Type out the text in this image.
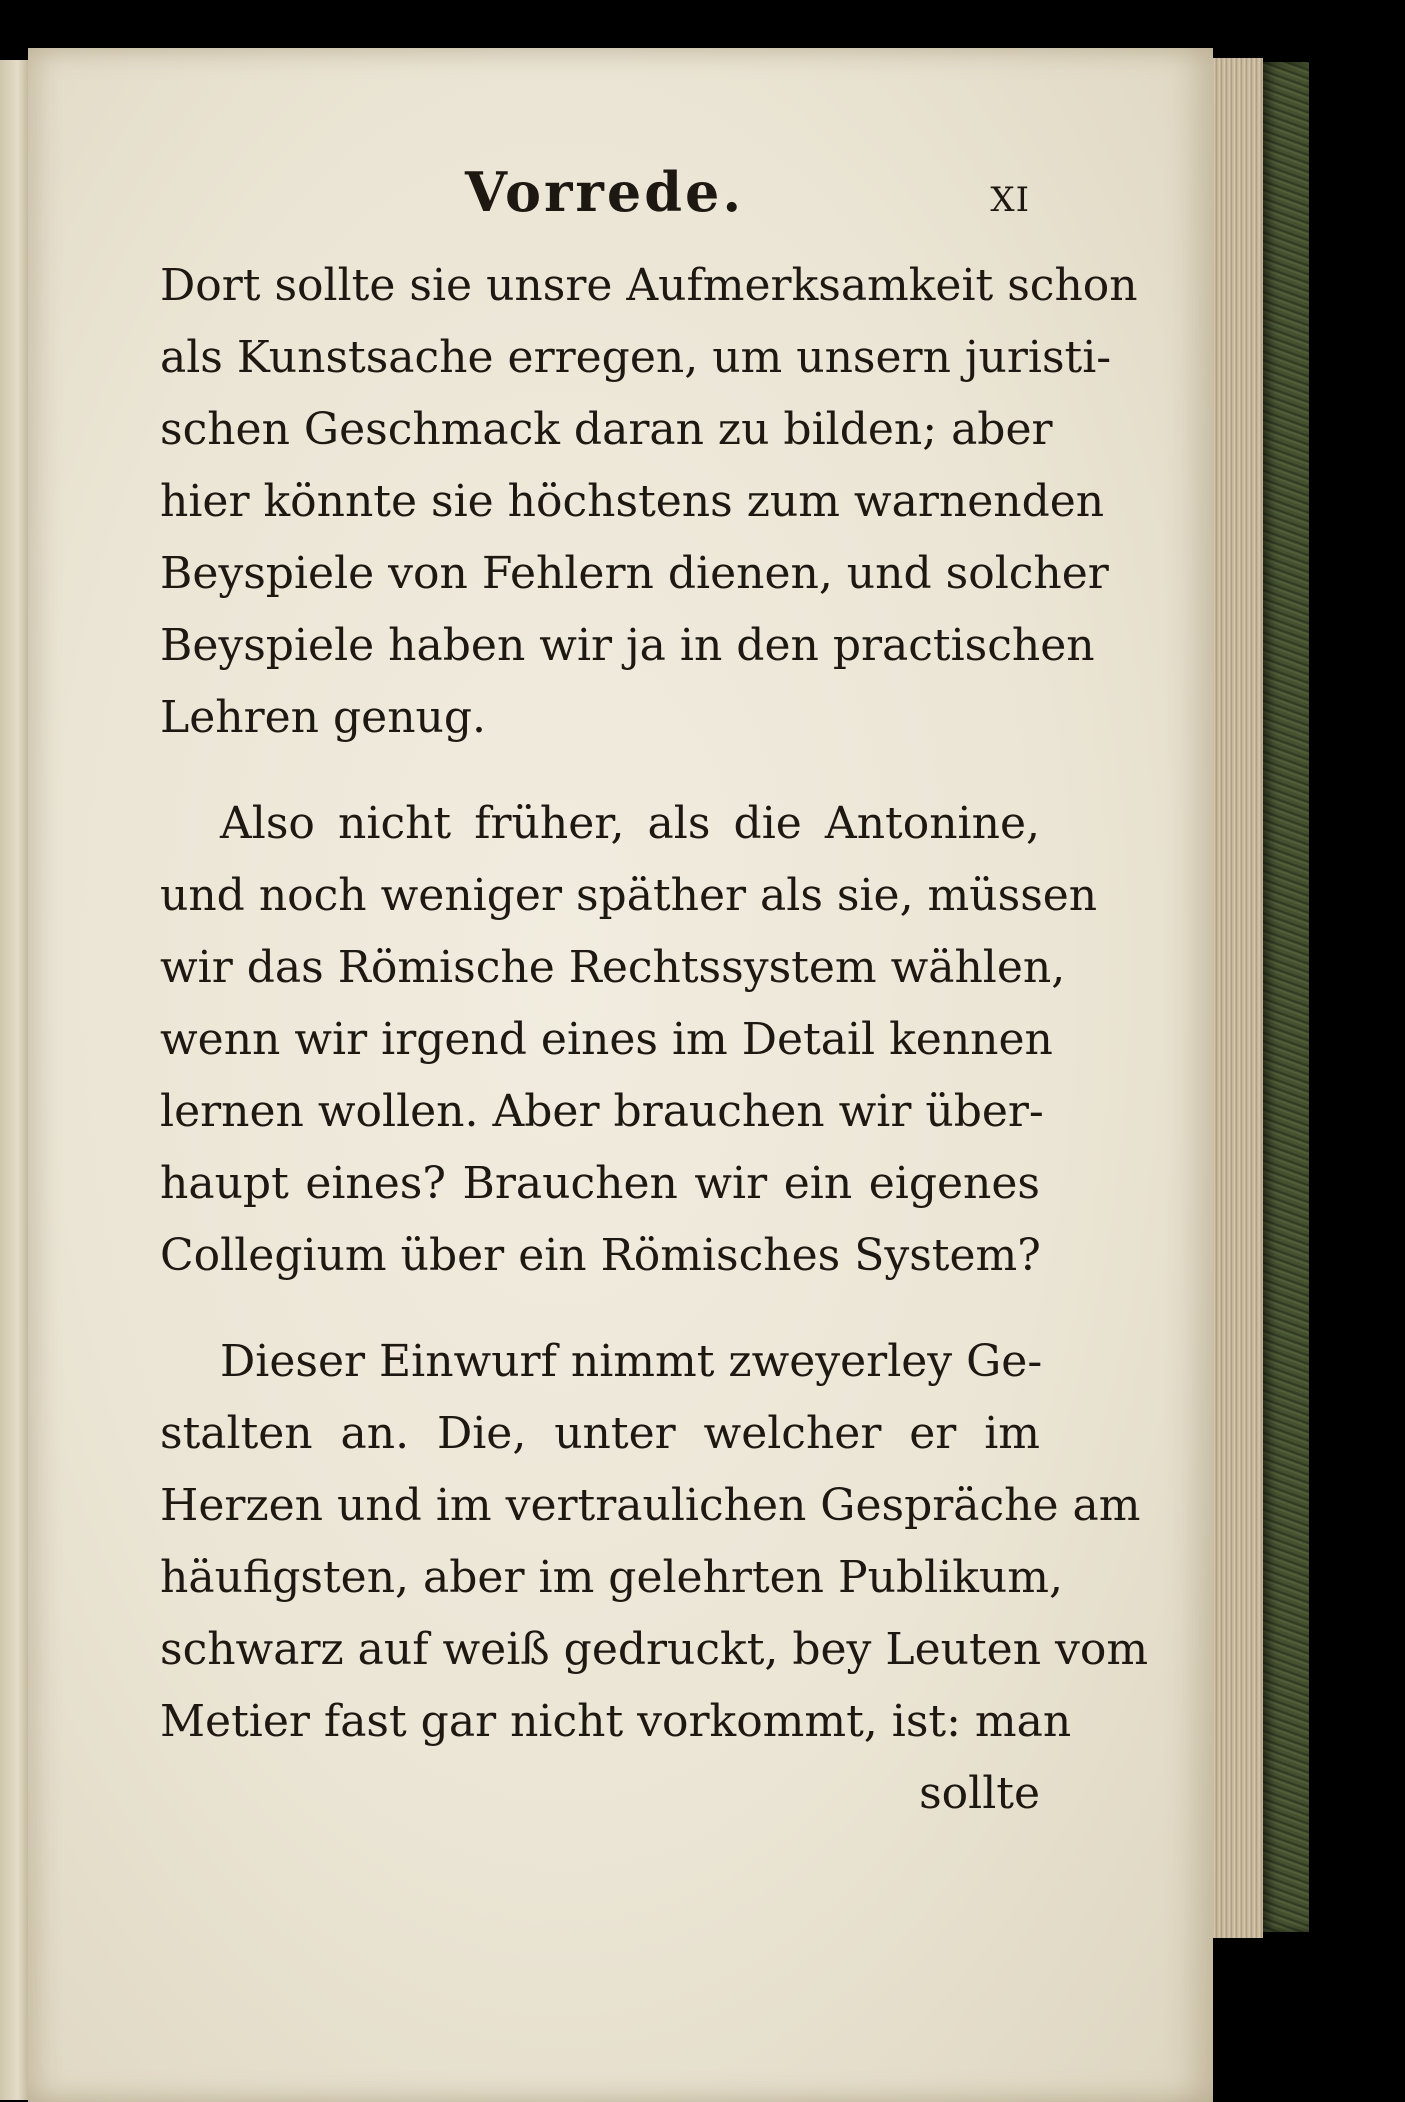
Vorrede.	XI

Dort sollte sie unsre Aufmerksamkeit schon
als Kunstsache erregen, um unsern juristi-
schen Geschmack daran zu bilden; aber
hier könnte sie höchstens zum warnenden
Beyspiele von Fehlern dienen, und solcher
Beyspiele haben wir ja in den practischen
Lehren genug.

Also nicht früher, als die Antonine,
und noch weniger späther als sie, müssen
wir das Römische Rechtssystem wählen,
wenn wir irgend eines im Detail kennen
lernen wollen. Aber brauchen wir über-
haupt eines? Brauchen wir ein eigenes
Collegium über ein Römisches System?

Dieser Einwurf nimmt zweyerley Ge-
stalten an. Die, unter welcher er im
Herzen und im vertraulichen Gespräche am
häufigsten, aber im gelehrten Publikum,
schwarz auf weiß gedruckt, bey Leuten vom
Metier fast gar nicht vorkommt, ist: man
sollte
